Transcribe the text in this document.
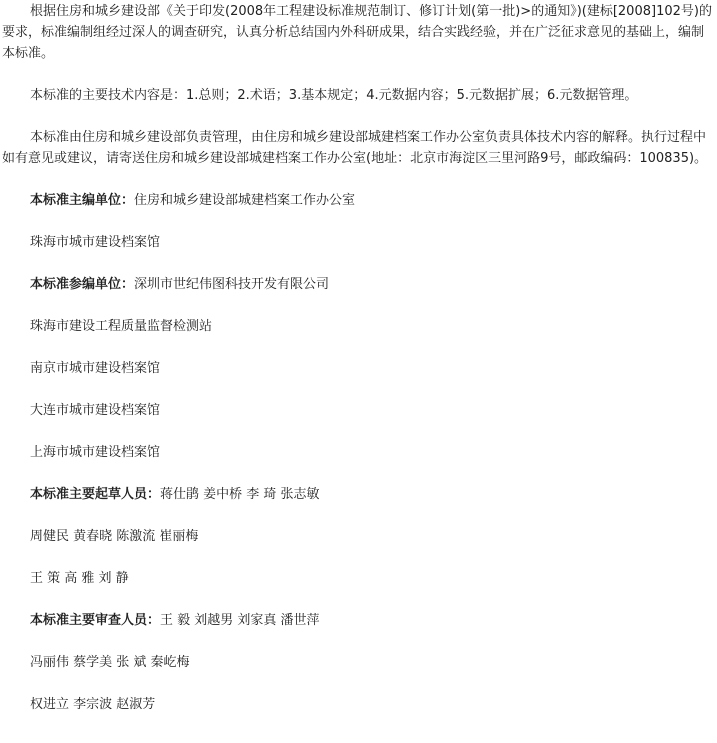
根据住房和城乡建设部《关于印发(2008年工程建设标准规范制订、修订计划(第一批)>的通知》)(建标[2008]102号)的要求，标准编制组经过深人的调查研究，认真分析总结国内外科研成果，结合实践经验，并在广泛征求意见的基础上，编制本标准。

本标准的主要技术内容是：1.总则；2.术语；3.基本规定；4.元数据内容；5.元数据扩展；6.元数据管理。

本标准由住房和城乡建设部负责管理，由住房和城乡建设部城建档案工作办公室负责具体技术内容的解释。执行过程中如有意见或建议，请寄送住房和城乡建设部城建档案工作办公室(地址：北京市海淀区三里河路9号，邮政编码：100835)。

本标准主编单位：住房和城乡建设部城建档案工作办公室

珠海市城市建设档案馆

本标准参编单位：深圳市世纪伟图科技开发有限公司

珠海市建设工程质量监督检测站

南京市城市建设档案馆

大连市城市建设档案馆

上海市城市建设档案馆

本标准主要起草人员：蒋仕鹃 姜中桥 李 琦 张志敏

周健民 黄春晓 陈激流 崔丽梅

王 策 高 雅 刘 静

本标准主要审查人员：王 毅 刘越男 刘家真 潘世萍

冯丽伟 蔡学美 张 斌 秦屹梅

权进立 李宗波 赵淑芳
